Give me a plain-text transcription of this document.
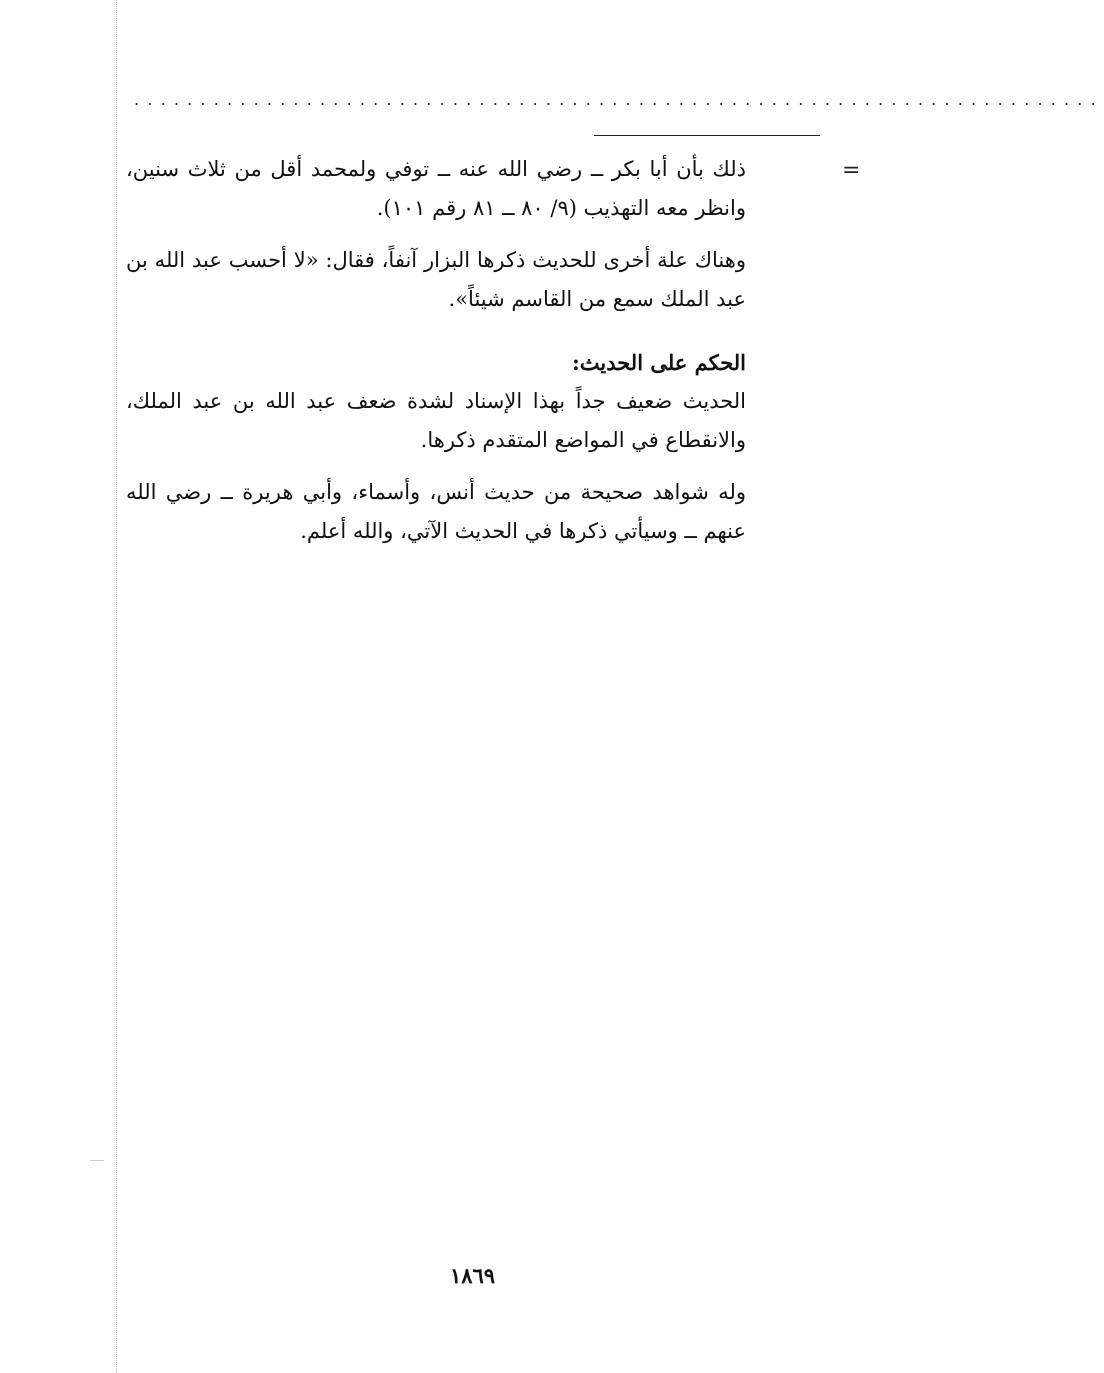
.........................................................................
=

ذلك بأن أبا بكر ــ رضي الله عنه ــ توفي ولمحمد أقل من ثلاث سنين، وانظر معه التهذيب (٩/ ٨٠ ــ ٨١ رقم ١٠١).

وهناك علة أخرى للحديث ذكرها البزار آنفاً، فقال: «لا أحسب عبد الله بن عبد الملك سمع من القاسم شيئاً».

الحكم على الحديث:

الحديث ضعيف جداً بهذا الإسناد لشدة ضعف عبد الله بن عبد الملك، والانقطاع في المواضع المتقدم ذكرها.

وله شواهد صحيحة من حديث أنس، وأسماء، وأبي هريرة ــ رضي الله عنهم ــ وسيأتي ذكرها في الحديث الآتي، والله أعلم.

١٨٦٩
